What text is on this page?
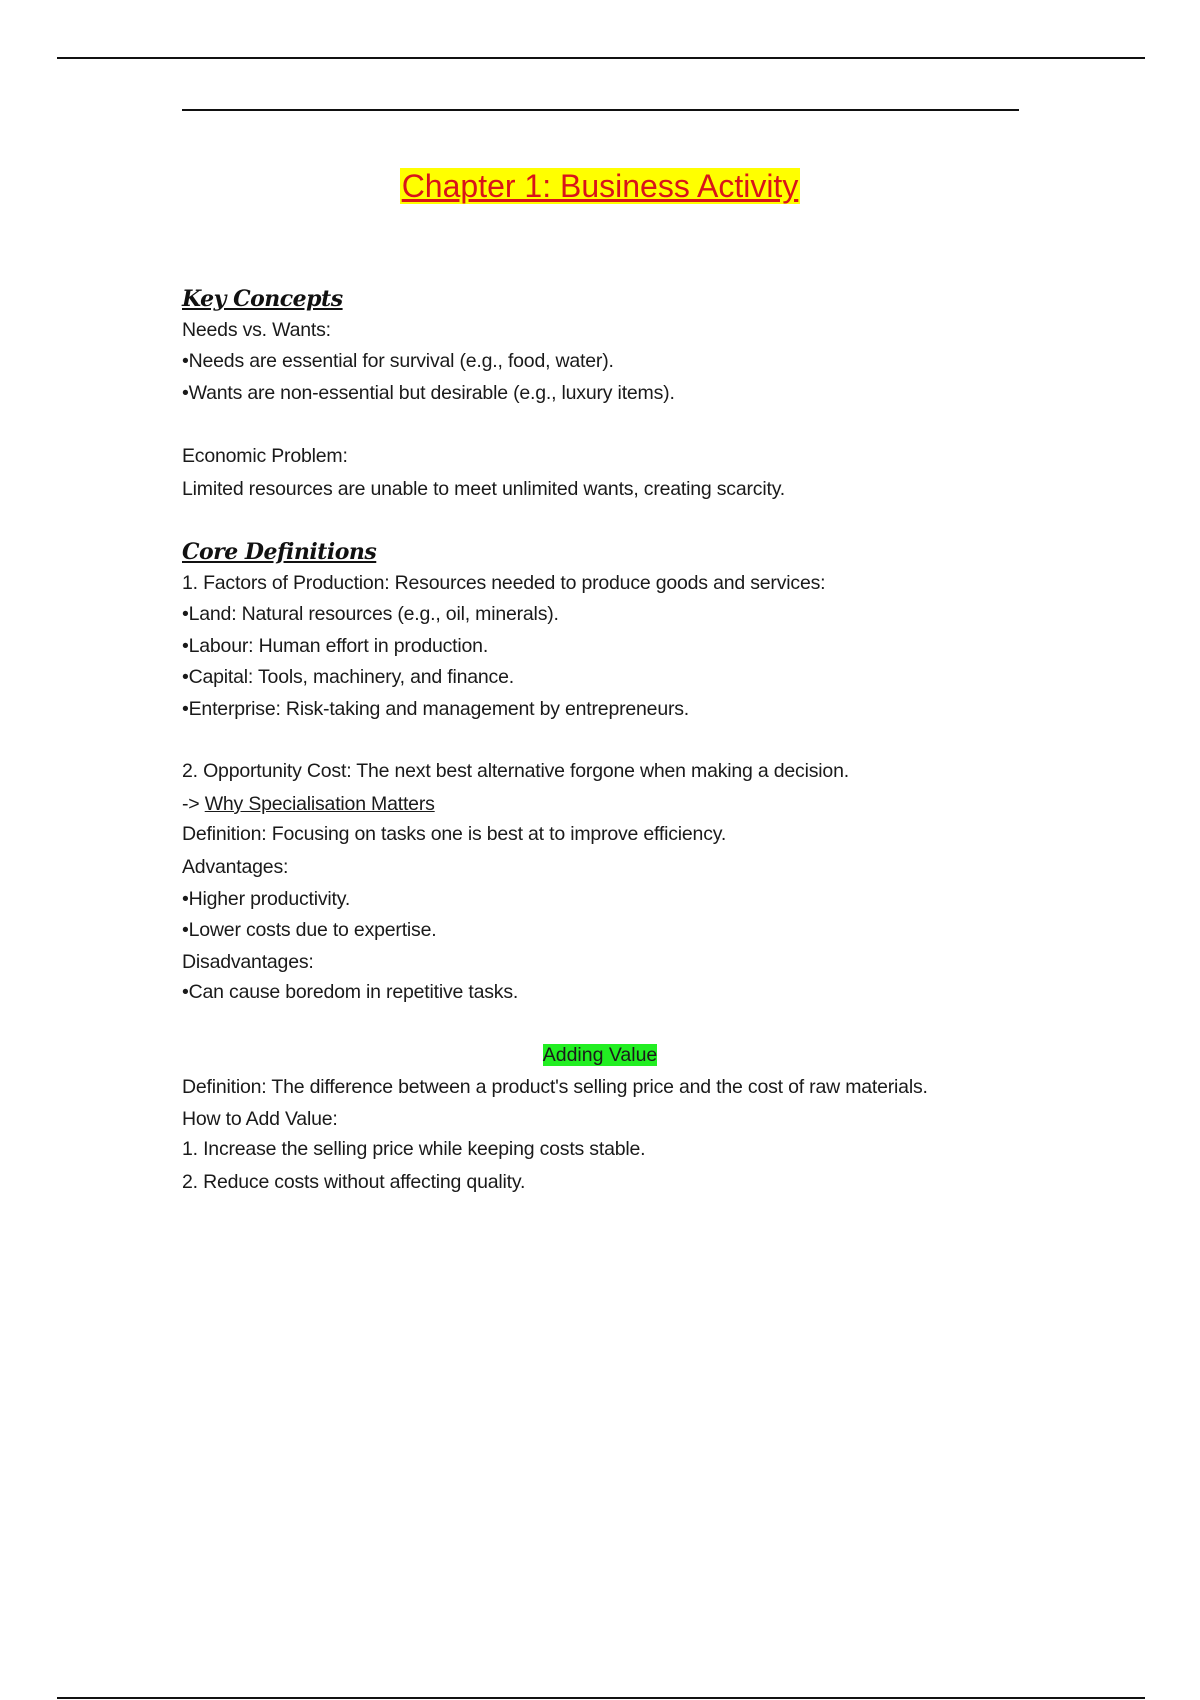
Chapter 1: Business Activity
Key Concepts
Needs vs. Wants:
•Needs are essential for survival (e.g., food, water).
•Wants are non-essential but desirable (e.g., luxury items).
Economic Problem:
Limited resources are unable to meet unlimited wants, creating scarcity.
Core Definitions
1. Factors of Production: Resources needed to produce goods and services:
•Land: Natural resources (e.g., oil, minerals).
•Labour: Human effort in production.
•Capital: Tools, machinery, and finance.
•Enterprise: Risk-taking and management by entrepreneurs.
2. Opportunity Cost: The next best alternative forgone when making a decision.
-> Why Specialisation Matters
Definition: Focusing on tasks one is best at to improve efficiency.
Advantages:
•Higher productivity.
•Lower costs due to expertise.
Disadvantages:
•Can cause boredom in repetitive tasks.
Adding Value
Definition: The difference between a product's selling price and the cost of raw materials.
How to Add Value:
1. Increase the selling price while keeping costs stable.
2. Reduce costs without affecting quality.
